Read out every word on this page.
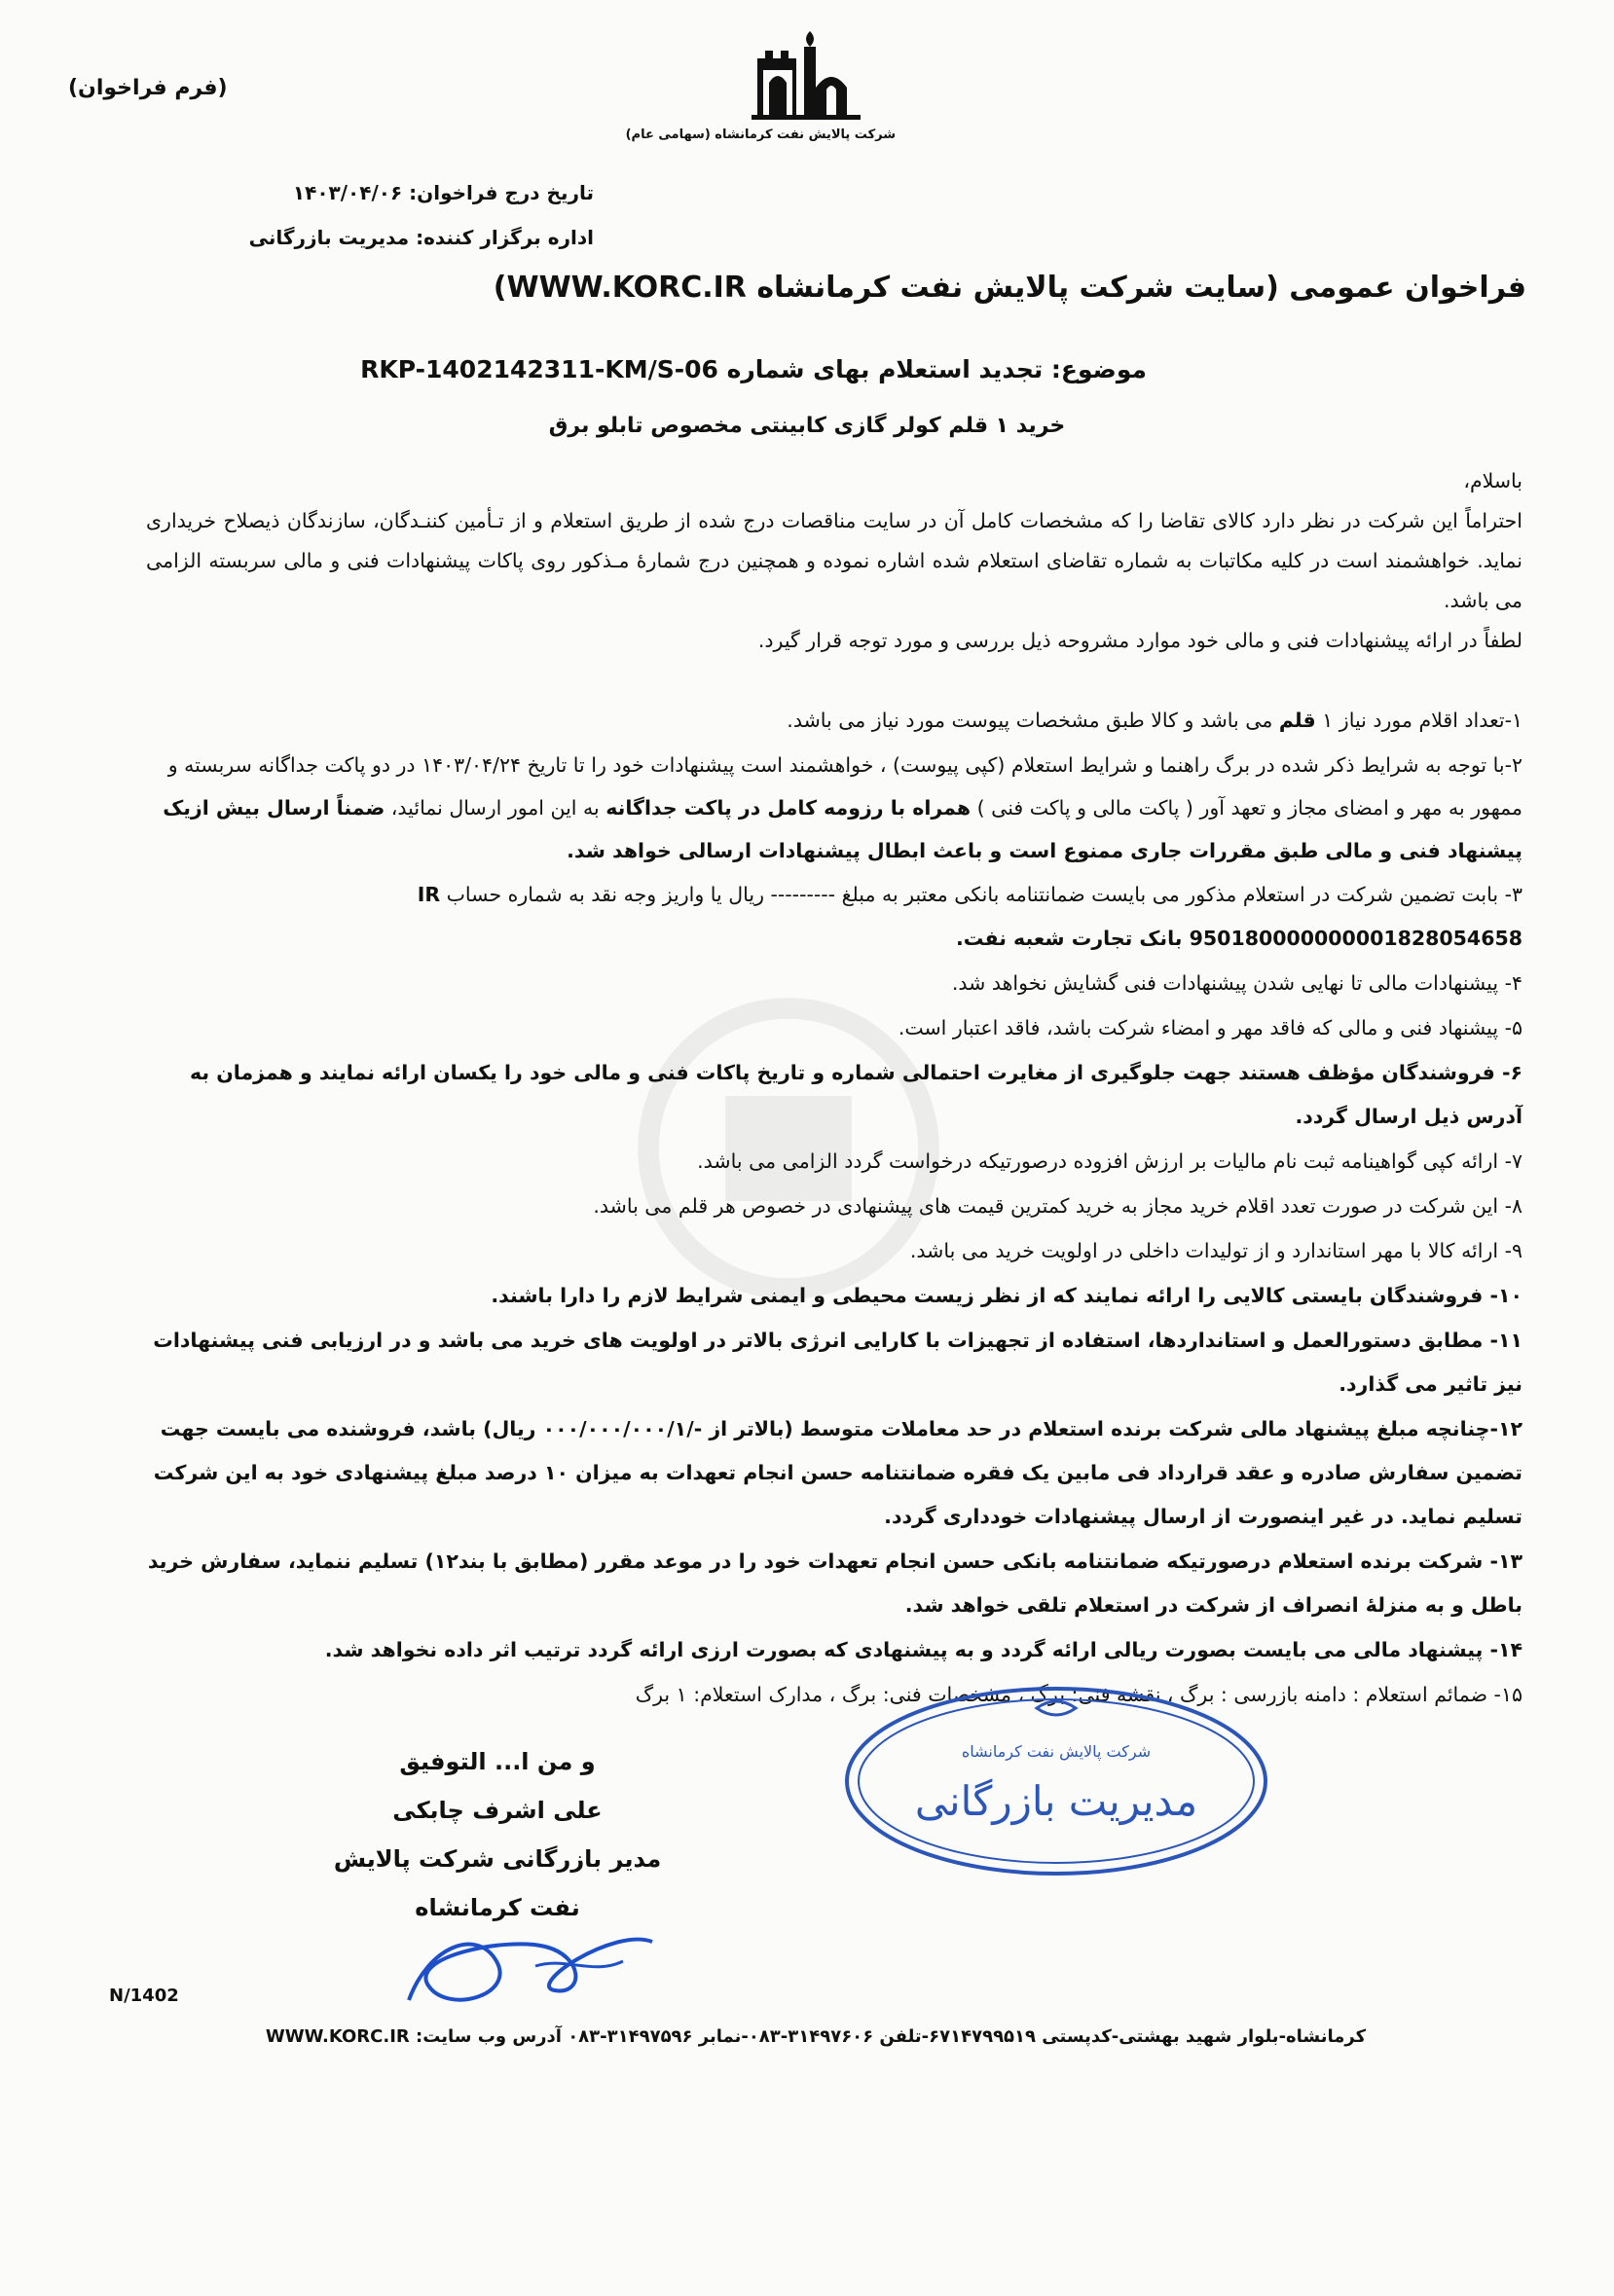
(فرم فراخوان)
شرکت پالایش نفت کرمانشاه (سهامی عام)
تاریخ درج فراخوان: ۱۴۰۳/۰۴/۰۶
اداره برگزار کننده: مدیریت بازرگانی
فراخوان عمومی (سایت شرکت پالایش نفت کرمانشاه WWW.KORC.IR)
موضوع: تجدید استعلام بهای شماره RKP-1402142311-KM/S-06
خرید ۱ قلم کولر گازی کابینتی مخصوص تابلو برق

باسلام،

احتراماً این شرکت در نظر دارد کالای تقاضا را که مشخصات کامل آن در سایت مناقصات درج شده از طریق استعلام و از تـأمین کننـدگان، سازندگان ذیصلاح خریداری نماید. خواهشمند است در کلیه مکاتبات به شماره تقاضای استعلام شده اشاره نموده و همچنین درج شمارهٔ مـذکور روی پاکات پیشنهادات فنی و مالی سربسته الزامی می باشد.

لطفاً در ارائه پیشنهادات فنی و مالی خود موارد مشروحه ذیل بررسی و مورد توجه قرار گیرد.

۱-تعداد اقلام مورد نیاز ۱ قلم می باشد و کالا طبق مشخصات پیوست مورد نیاز می باشد.
۲-با توجه به شرایط ذکر شده در برگ راهنما و شرایط استعلام (کپی پیوست) ، خواهشمند است پیشنهادات خود را تا تاریخ ۱۴۰۳/۰۴/۲۴ در دو پاکت جداگانه سربسته و ممهور به مهر و امضای مجاز و تعهد آور ( پاکت مالی و پاکت فنی ) همراه با رزومه کامل در پاکت جداگانه به این امور ارسال نمائید، ضمناً ارسال بیش ازیک پیشنهاد فنی و مالی طبق مقررات جاری ممنوع است و باعث ابطال پیشنهادات ارسالی خواهد شد.
۳- بابت تضمین شرکت در استعلام مذکور می بایست ضمانتنامه بانکی معتبر به مبلغ --------- ریال یا واریز وجه نقد به شماره حساب IR 950180000000001828054658 بانک تجارت شعبه نفت.
۴- پیشنهادات مالی تا نهایی شدن پیشنهادات فنی گشایش نخواهد شد.
۵- پیشنهاد فنی و مالی که فاقد مهر و امضاء شرکت باشد، فاقد اعتبار است.
۶- فروشندگان مؤظف هستند جهت جلوگیری از مغایرت احتمالی شماره و تاریخ پاکات فنی و مالی خود را یکسان ارائه نمایند و همزمان به آدرس ذیل ارسال گردد.
۷- ارائه کپی گواهینامه ثبت نام مالیات بر ارزش افزوده درصورتیکه درخواست گردد الزامی می باشد.
۸- این شرکت در صورت تعدد اقلام خرید مجاز به خرید کمترین قیمت های پیشنهادی در خصوص هر قلم می باشد.
۹- ارائه کالا با مهر استاندارد و از تولیدات داخلی در اولویت خرید می باشد.
۱۰- فروشندگان بایستی کالایی را ارائه نمایند که از نظر زیست محیطی و ایمنی شرایط لازم را دارا باشند.
۱۱- مطابق دستورالعمل و استانداردها، استفاده از تجهیزات با کارایی انرژی بالاتر در اولویت های خرید می باشد و در ارزیابی فنی پیشنهادات نیز تاثیر می گذارد.
۱۲-چنانچه مبلغ پیشنهاد مالی شرکت برنده استعلام در حد معاملات متوسط (بالاتر از -/۰۰۰/۰۰۰/۰۰۰/۱ ریال) باشد، فروشنده می بایست جهت تضمین سفارش صادره و عقد قرارداد فی مابین یک فقره ضمانتنامه حسن انجام تعهدات به میزان ۱۰ درصد مبلغ پیشنهادی خود به این شرکت تسلیم نماید. در غیر اینصورت از ارسال پیشنهادات خودداری گردد.
۱۳- شرکت برنده استعلام درصورتیکه ضمانتنامه بانکی حسن انجام تعهدات خود را در موعد مقرر (مطابق با بند۱۲) تسلیم ننماید، سفارش خرید باطل و به منزلهٔ انصراف از شرکت در استعلام تلقی خواهد شد.
۱۴- پیشنهاد مالی می بایست بصورت ریالی ارائه گردد و به پیشنهادی که بصورت ارزی ارائه گردد ترتیب اثر داده نخواهد شد.
۱۵- ضمائم استعلام : دامنه بازرسی : برگ ، نقشه فنی: برگ ، مشخصات فنی: برگ ، مدارک استعلام: ۱ برگ
شرکت پالایش نفت کرمانشاه
مدیریت بازرگانی
و من ا... التوفیق
علی اشرف چابکی
مدیر بازرگانی شرکت پالایش نفت کرمانشاه
N/1402
کرمانشاه-بلوار شهید بهشتی-کدپستی ۶۷۱۴۷۹۹۵۱۹-تلفن ۳۱۴۹۷۶۰۶-۰۸۳-نمابر ۳۱۴۹۷۵۹۶-۰۸۳ آدرس وب سایت: WWW.KORC.IR
